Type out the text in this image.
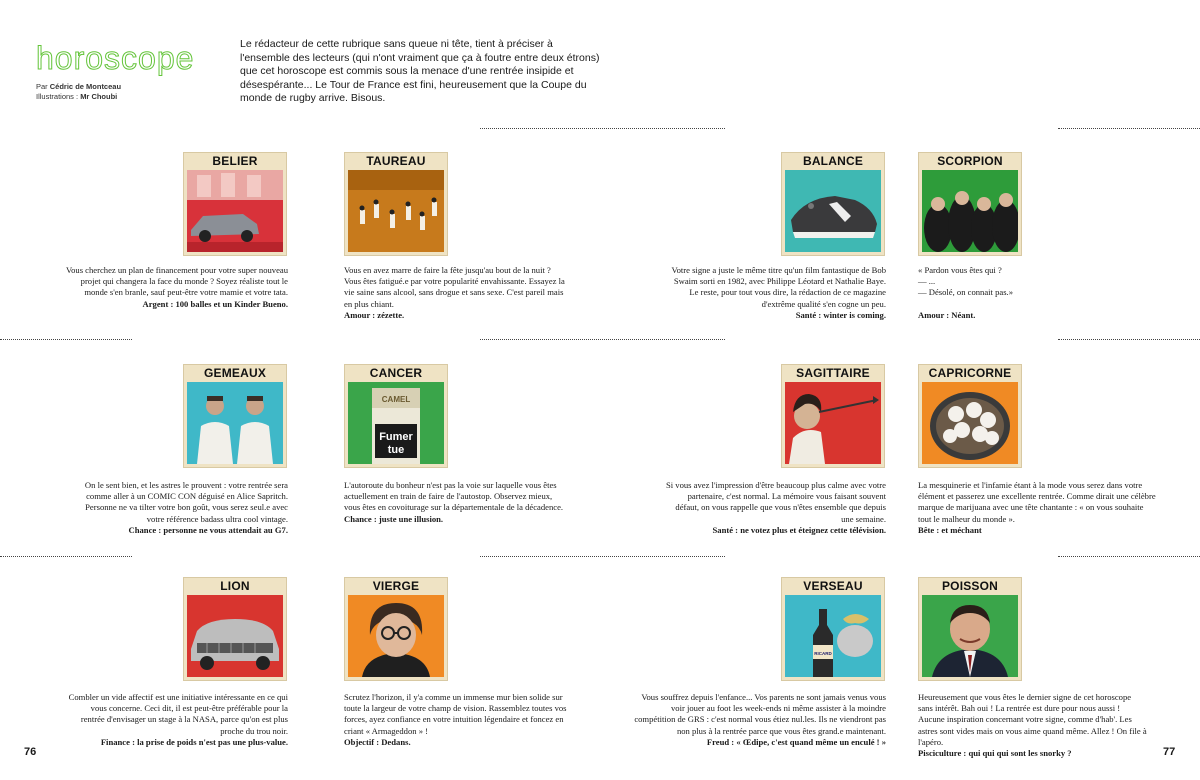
horoscope
Par Cédric de Montceau
Illustrations : Mr Choubi
Le rédacteur de cette rubrique sans queue ni tête, tient à préciser à l'ensemble des lecteurs (qui n'ont vraiment que ça à foutre entre deux étrons) que cet horoscope est commis sous la menace d'une rentrée insipide et désespérante... Le Tour de France est fini, heureusement que la Coupe du monde de rugby arrive. Bisous.
BELIER
Vous cherchez un plan de financement pour votre super nouveau projet qui changera la face du monde ? Soyez réaliste tout le monde s'en branle, sauf peut-être votre mamie et votre tata.
Argent : 100 balles et un Kinder Bueno.
TAUREAU
Vous en avez marre de faire la fête jusqu'au bout de la nuit ? Vous êtes fatigué.e par votre popularité envahissante. Essayez la vie saine sans alcool, sans drogue et sans sexe. C'est pareil mais en plus chiant.
Amour : zézette.
BALANCE
Votre signe a juste le même titre qu'un film fantastique de Bob Swaim sorti en 1982, avec Philippe Léotard et Nathalie Baye. Le reste, pour tout vous dire, la rédaction de ce magazine d'extrême qualité s'en cogne un peu.
Santé : winter is coming.
SCORPION
« Pardon vous êtes qui ?
— ...
— Désolé, on connait pas.»
Amour : Néant.
GEMEAUX
On le sent bien, et les astres le prouvent : votre rentrée sera comme aller à un COMIC CON déguisé en Alice Sapritch. Personne ne va tilter votre bon goût, vous serez seul.e avec votre référence badass ultra cool vintage.
Chance : personne ne vous attendait au G7.
CANCER
CAMEL
Fumer
tue
L'autoroute du bonheur n'est pas la voie sur laquelle vous êtes actuellement en train de faire de l'autostop. Observez mieux, vous êtes en covoiturage sur la départementale de la décadence.
Chance : juste une illusion.
SAGITTAIRE
Si vous avez l'impression d'être beaucoup plus calme avec votre partenaire, c'est normal. La mémoire vous faisant souvent défaut, on vous rappelle que vous n'êtes ensemble que depuis une semaine.
Santé : ne votez plus et éteignez cette télévision.
CAPRICORNE
La mesquinerie et l'infamie étant à la mode vous serez dans votre élément et passerez une excellente rentrée. Comme dirait une célèbre marque de marijuana avec une tête chantante : « on vous souhaite tout le malheur du monde ».
Bête : et méchant
LION
Combler un vide affectif est une initiative intéressante en ce qui vous concerne. Ceci dit, il est peut-être préférable pour la rentrée d'envisager un stage à la NASA, parce qu'on est plus proche du trou noir.
Finance : la prise de poids n'est pas une plus-value.
VIERGE
Scrutez l'horizon, il y'a comme un immense mur bien solide sur toute la largeur de votre champ de vision. Rassemblez toutes vos forces, ayez confiance en votre intuition légendaire et foncez en criant « Armageddon » !
Objectif : Dedans.
VERSEAU
RICARD
Vous souffrez depuis l'enfance... Vos parents ne sont jamais venus vous voir jouer au foot les week-ends ni même assister à la moindre compétition de GRS : c'est normal vous étiez nul.les. Ils ne viendront pas non plus à la rentrée parce que vous êtes grand.e maintenant.
Freud : « Œdipe, c'est quand même un enculé ! »
POISSON
Heureusement que vous êtes le dernier signe de cet horoscope sans intérêt. Bah oui ! La rentrée est dure pour nous aussi ! Aucune inspiration concernant votre signe, comme d'hab'. Les astres sont vides mais on vous aime quand même. Allez ! On file à l'apéro.
Pisciculture : qui qui qui sont les snorky ?
76	77
